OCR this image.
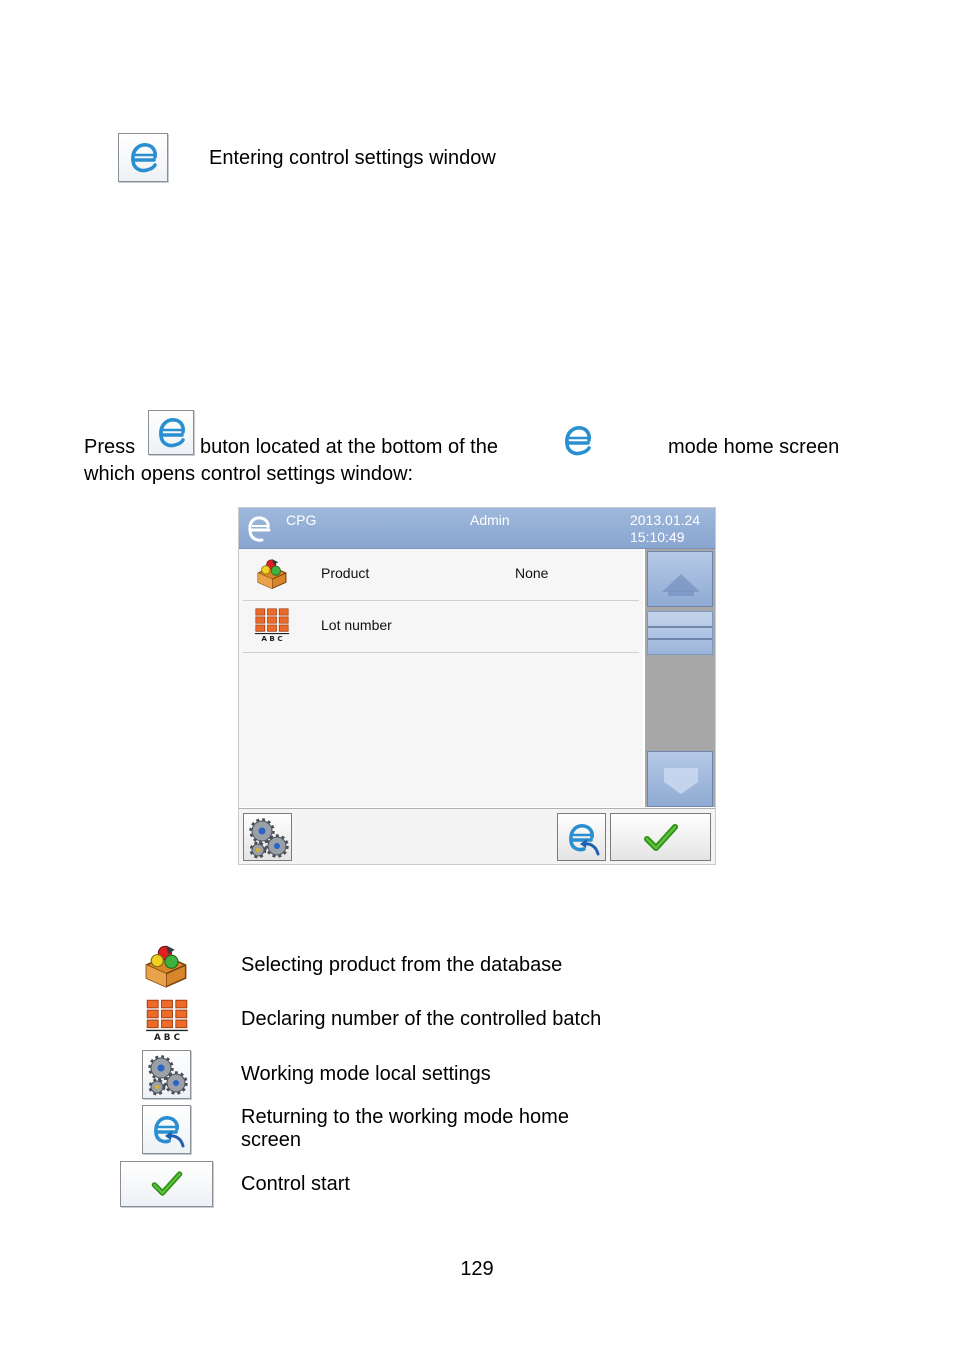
Entering control settings window
Press	buton located at the bottom of the	mode home screen
which opens control settings window:
CPG	Admin	2013.01.24
15:10:49
Product	None
Lot number
Selecting product from the database
Declaring number of the controlled batch
Working mode local settings
Returning to the working mode home
screen
Control start
129
